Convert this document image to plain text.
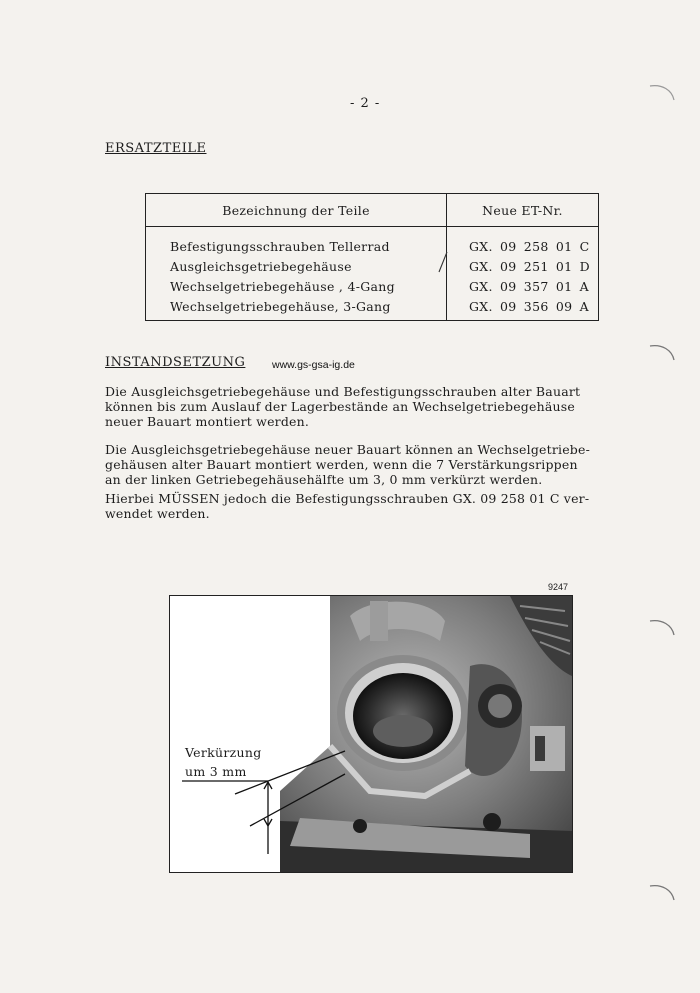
- 2 -
ERSATZTEILE
Bezeichnung der Teile	Neue ET-Nr.
Befestigungsschrauben Tellerrad	GX. 09 258 01 C
Ausgleichsgetriebegehäuse	GX. 09 251 01 D
Wechselgetriebegehäuse , 4-Gang	GX. 09 357 01 A
Wechselgetriebegehäuse, 3-Gang	GX. 09 356 09 A
INSTANDSETZUNG	www.gs-gsa-ig.de
Die Ausgleichsgetriebegehäuse und Befestigungsschrauben alter Bauart
können bis zum Auslauf der Lagerbestände an Wechselgetriebegehäuse
neuer Bauart montiert werden.
Die Ausgleichsgetriebegehäuse neuer Bauart können an Wechselgetriebe-
gehäusen alter Bauart montiert werden, wenn die 7 Verstärkungsrippen
an der linken Getriebegehäusehälfte um 3, 0 mm verkürzt werden.
Hierbei MÜSSEN jedoch die Befestigungsschrauben GX. 09 258 01 C ver-
wendet werden.
9247
Verkürzung
um 3 mm
